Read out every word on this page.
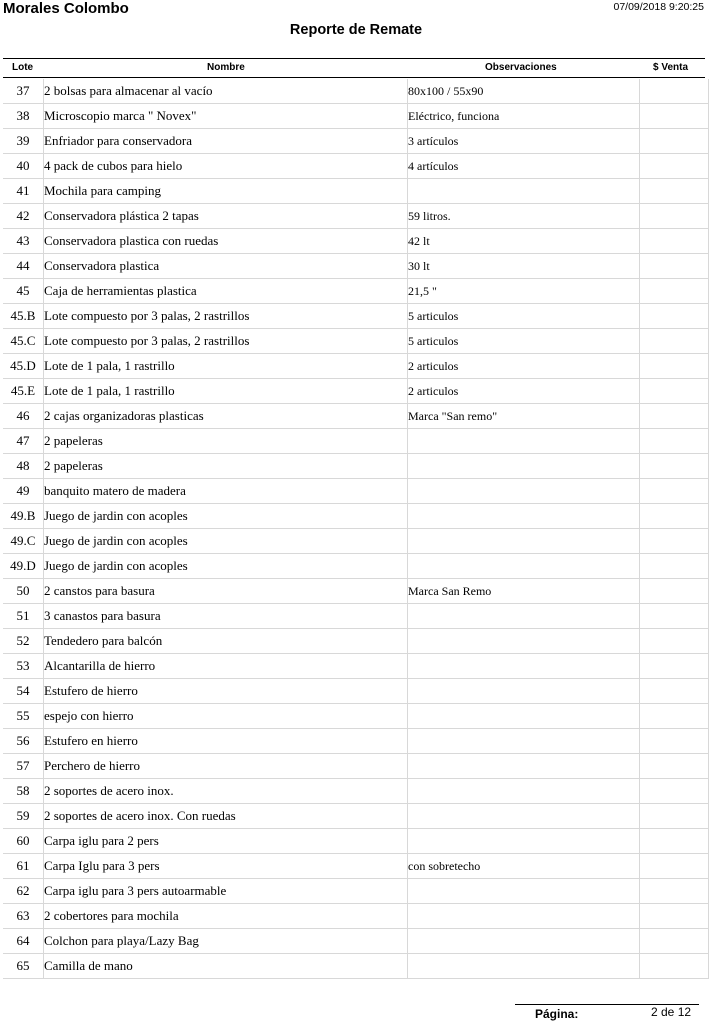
Morales Colombo	07/09/2018 9:20:25
Reporte de Remate
Lote	Nombre	Observaciones	$ Venta
37	2 bolsas para almacenar al vacío	80x100 / 55x90	
38	Microscopio marca " Novex"	Eléctrico, funciona	
39	Enfriador para conservadora	3 artículos	
40	4 pack de cubos para hielo	4 artículos	
41	Mochila para camping		
42	Conservadora plástica 2 tapas	59 litros.	
43	Conservadora plastica con ruedas	42 lt	
44	Conservadora plastica	30 lt	
45	Caja de herramientas plastica	21,5 "	
45.B	Lote compuesto por 3 palas, 2 rastrillos	5 articulos	
45.C	Lote compuesto por 3 palas, 2 rastrillos	5 articulos	
45.D	Lote de 1 pala, 1 rastrillo	2 articulos	
45.E	Lote de 1 pala, 1 rastrillo	2 articulos	
46	2 cajas organizadoras plasticas	Marca "San remo"	
47	2 papeleras		
48	2 papeleras		
49	banquito matero de madera		
49.B	Juego de jardin con acoples		
49.C	Juego de jardin con acoples		
49.D	Juego de jardin con acoples		
50	2 canstos para basura	Marca San Remo	
51	3 canastos para basura		
52	Tendedero para balcón		
53	Alcantarilla de hierro		
54	Estufero de hierro		
55	espejo con hierro		
56	Estufero en hierro		
57	Perchero de hierro		
58	2 soportes de acero inox.		
59	2 soportes de acero inox. Con ruedas		
60	Carpa iglu para 2 pers		
61	Carpa Iglu para 3 pers	con sobretecho	
62	Carpa iglu para 3 pers autoarmable		
63	2 cobertores para mochila		
64	Colchon para playa/Lazy Bag		
65	Camilla de mano		
Página:	2 de 12
